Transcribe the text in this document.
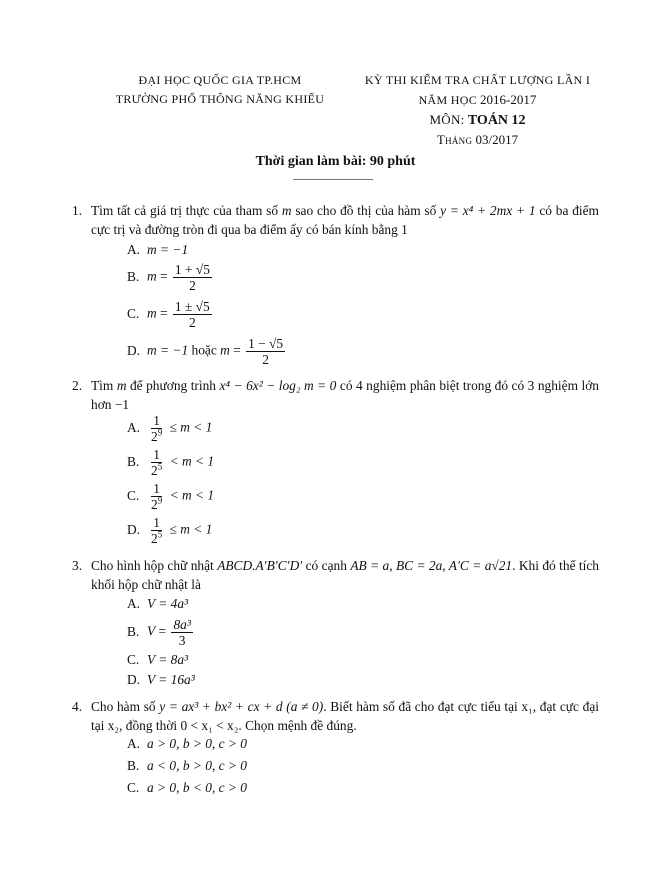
ĐẠI HỌC QUỐC GIA TP.HCM
TRƯỜNG PHỔ THÔNG NĂNG KHIẾU
KỲ THI KIỂM TRA CHẤT LƯỢNG LẦN I
NĂM HỌC 2016-2017
MÔN: TOÁN 12
Tháng 03/2017
Thời gian làm bài: 90 phút
1. Tìm tất cả giá trị thực của tham số m sao cho đồ thị của hàm số y = x⁴ + 2mx + 1 có ba điểm cực trị và đường tròn đi qua ba điểm ấy có bán kính bằng 1
A. m = −1
B. $m = \frac{1 + √5}{2}$
C. $m = \frac{1 \pm √5}{2}$
D. m = −1 hoặc $m = \frac{1 - √5}{2}$
2. Tìm m để phương trình x⁴ − 6x² − log₂ m = 0 có 4 nghiệm phân biệt trong đó có 3 nghiệm lớn hơn −1
A. $\frac{1}{2^9} \le m < 1$
B. $\frac{1}{2^5} < m < 1$
C. $\frac{1}{2^9} < m < 1$
D. $\frac{1}{2^5} \le m < 1$
3. Cho hình hộp chữ nhật ABCD.A′B′C′D′ có cạnh AB = a, BC = 2a, A′C = a√21. Khi đó thể tích khối hộp chữ nhật là
A. V = 4a³
B. $V = \frac{\text{8a³}}{3}$
C. V = 8a³
D. V = 16a³
4. Cho hàm số y = ax³ + bx² + cx + d (a ≠ 0). Biết hàm số đã cho đạt cực tiểu tại x₁, đạt cực đại tại x₂, đồng thời 0 < x₁ < x₂. Chọn mệnh đề đúng.
A. a > 0, b > 0, c > 0
B. a < 0, b > 0, c > 0
C. a > 0, b < 0, c > 0
